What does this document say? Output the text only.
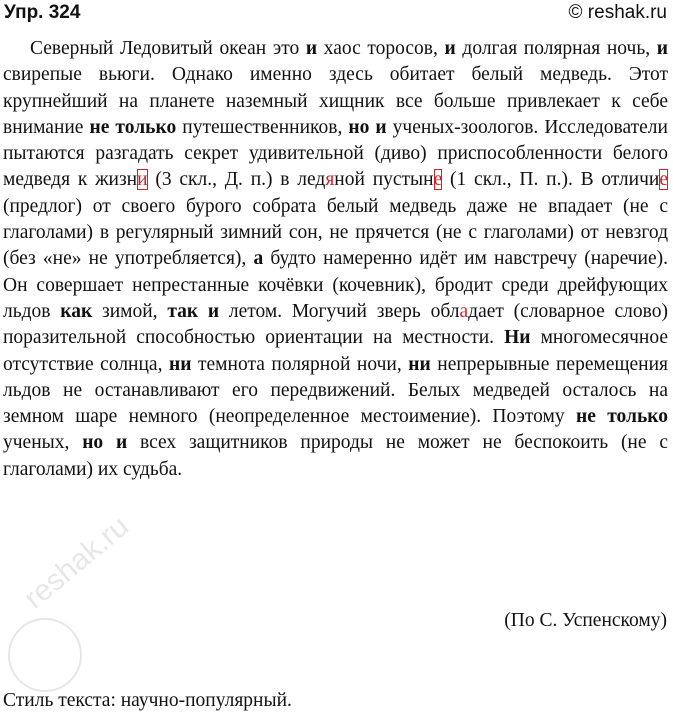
Упр. 324	© reshak.ru

Северный Ледовитый океан это и хаос торосов, и долгая полярная ночь, и свирепые вьюги. Однако именно здесь обитает белый медведь. Этот крупнейший на планете наземный хищник все больше привлекает к себе внимание не только путешественников, но и ученых-зоологов. Исследователи пытаются разгадать секрет удивительной (диво) приспособленности белого медведя к жизни (3 скл., Д. п.) в ледяной пустыне (1 скл., П. п.). В отличие (предлог) от своего бурого собрата белый медведь даже не впадает (не с глаголами) в регулярный зимний сон, не прячется (не с глаголами) от невзгод (без «не» не употребляется), а будто намеренно идёт им навстречу (наречие). Он совершает непрестанные кочёвки (кочевник), бродит среди дрейфующих льдов как зимой, так и летом. Могучий зверь обладает (словарное слово) поразительной способностью ориентации на местности. Ни многомесячное отсутствие солнца, ни темнота полярной ночи, ни непрерывные перемещения льдов не останавливают его передвижений. Белых медведей осталось на земном шаре немного (неопределенное местоимение). Поэтому не только ученых, но и всех защитников природы не может не беспокоить (не с глаголами) их судьба.

reshak.ru
(По С. Успенскому)
Стиль текста: научно-популярный.
